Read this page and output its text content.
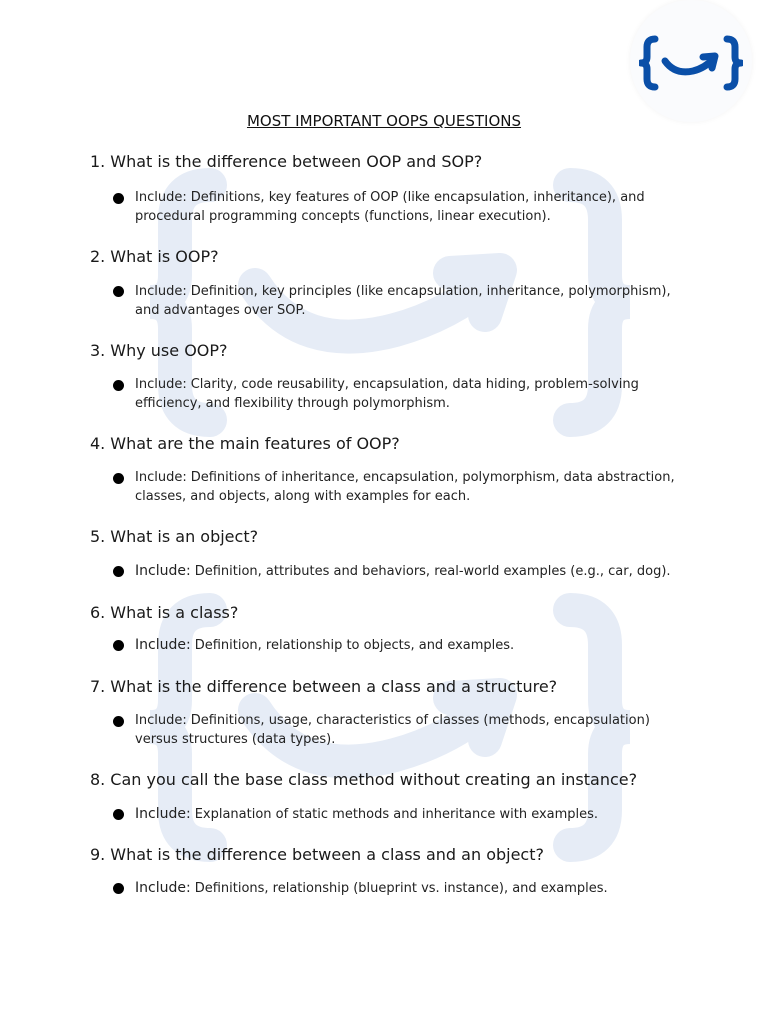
MOST IMPORTANT OOPS QUESTIONS
1. What is the difference between OOP and SOP?
Include: Definitions, key features of OOP (like encapsulation, inheritance), and procedural programming concepts (functions, linear execution).
2. What is OOP?
Include: Definition, key principles (like encapsulation, inheritance, polymorphism), and advantages over SOP.
3. Why use OOP?
Include: Clarity, code reusability, encapsulation, data hiding, problem-solving efficiency, and flexibility through polymorphism.
4. What are the main features of OOP?
Include: Definitions of inheritance, encapsulation, polymorphism, data abstraction, classes, and objects, along with examples for each.
5. What is an object?
Include: Definition, attributes and behaviors, real-world examples (e.g., car, dog).
6. What is a class?
Include: Definition, relationship to objects, and examples.
7. What is the difference between a class and a structure?
Include: Definitions, usage, characteristics of classes (methods, encapsulation) versus structures (data types).
8. Can you call the base class method without creating an instance?
Include: Explanation of static methods and inheritance with examples.
9. What is the difference between a class and an object?
Include: Definitions, relationship (blueprint vs. instance), and examples.
